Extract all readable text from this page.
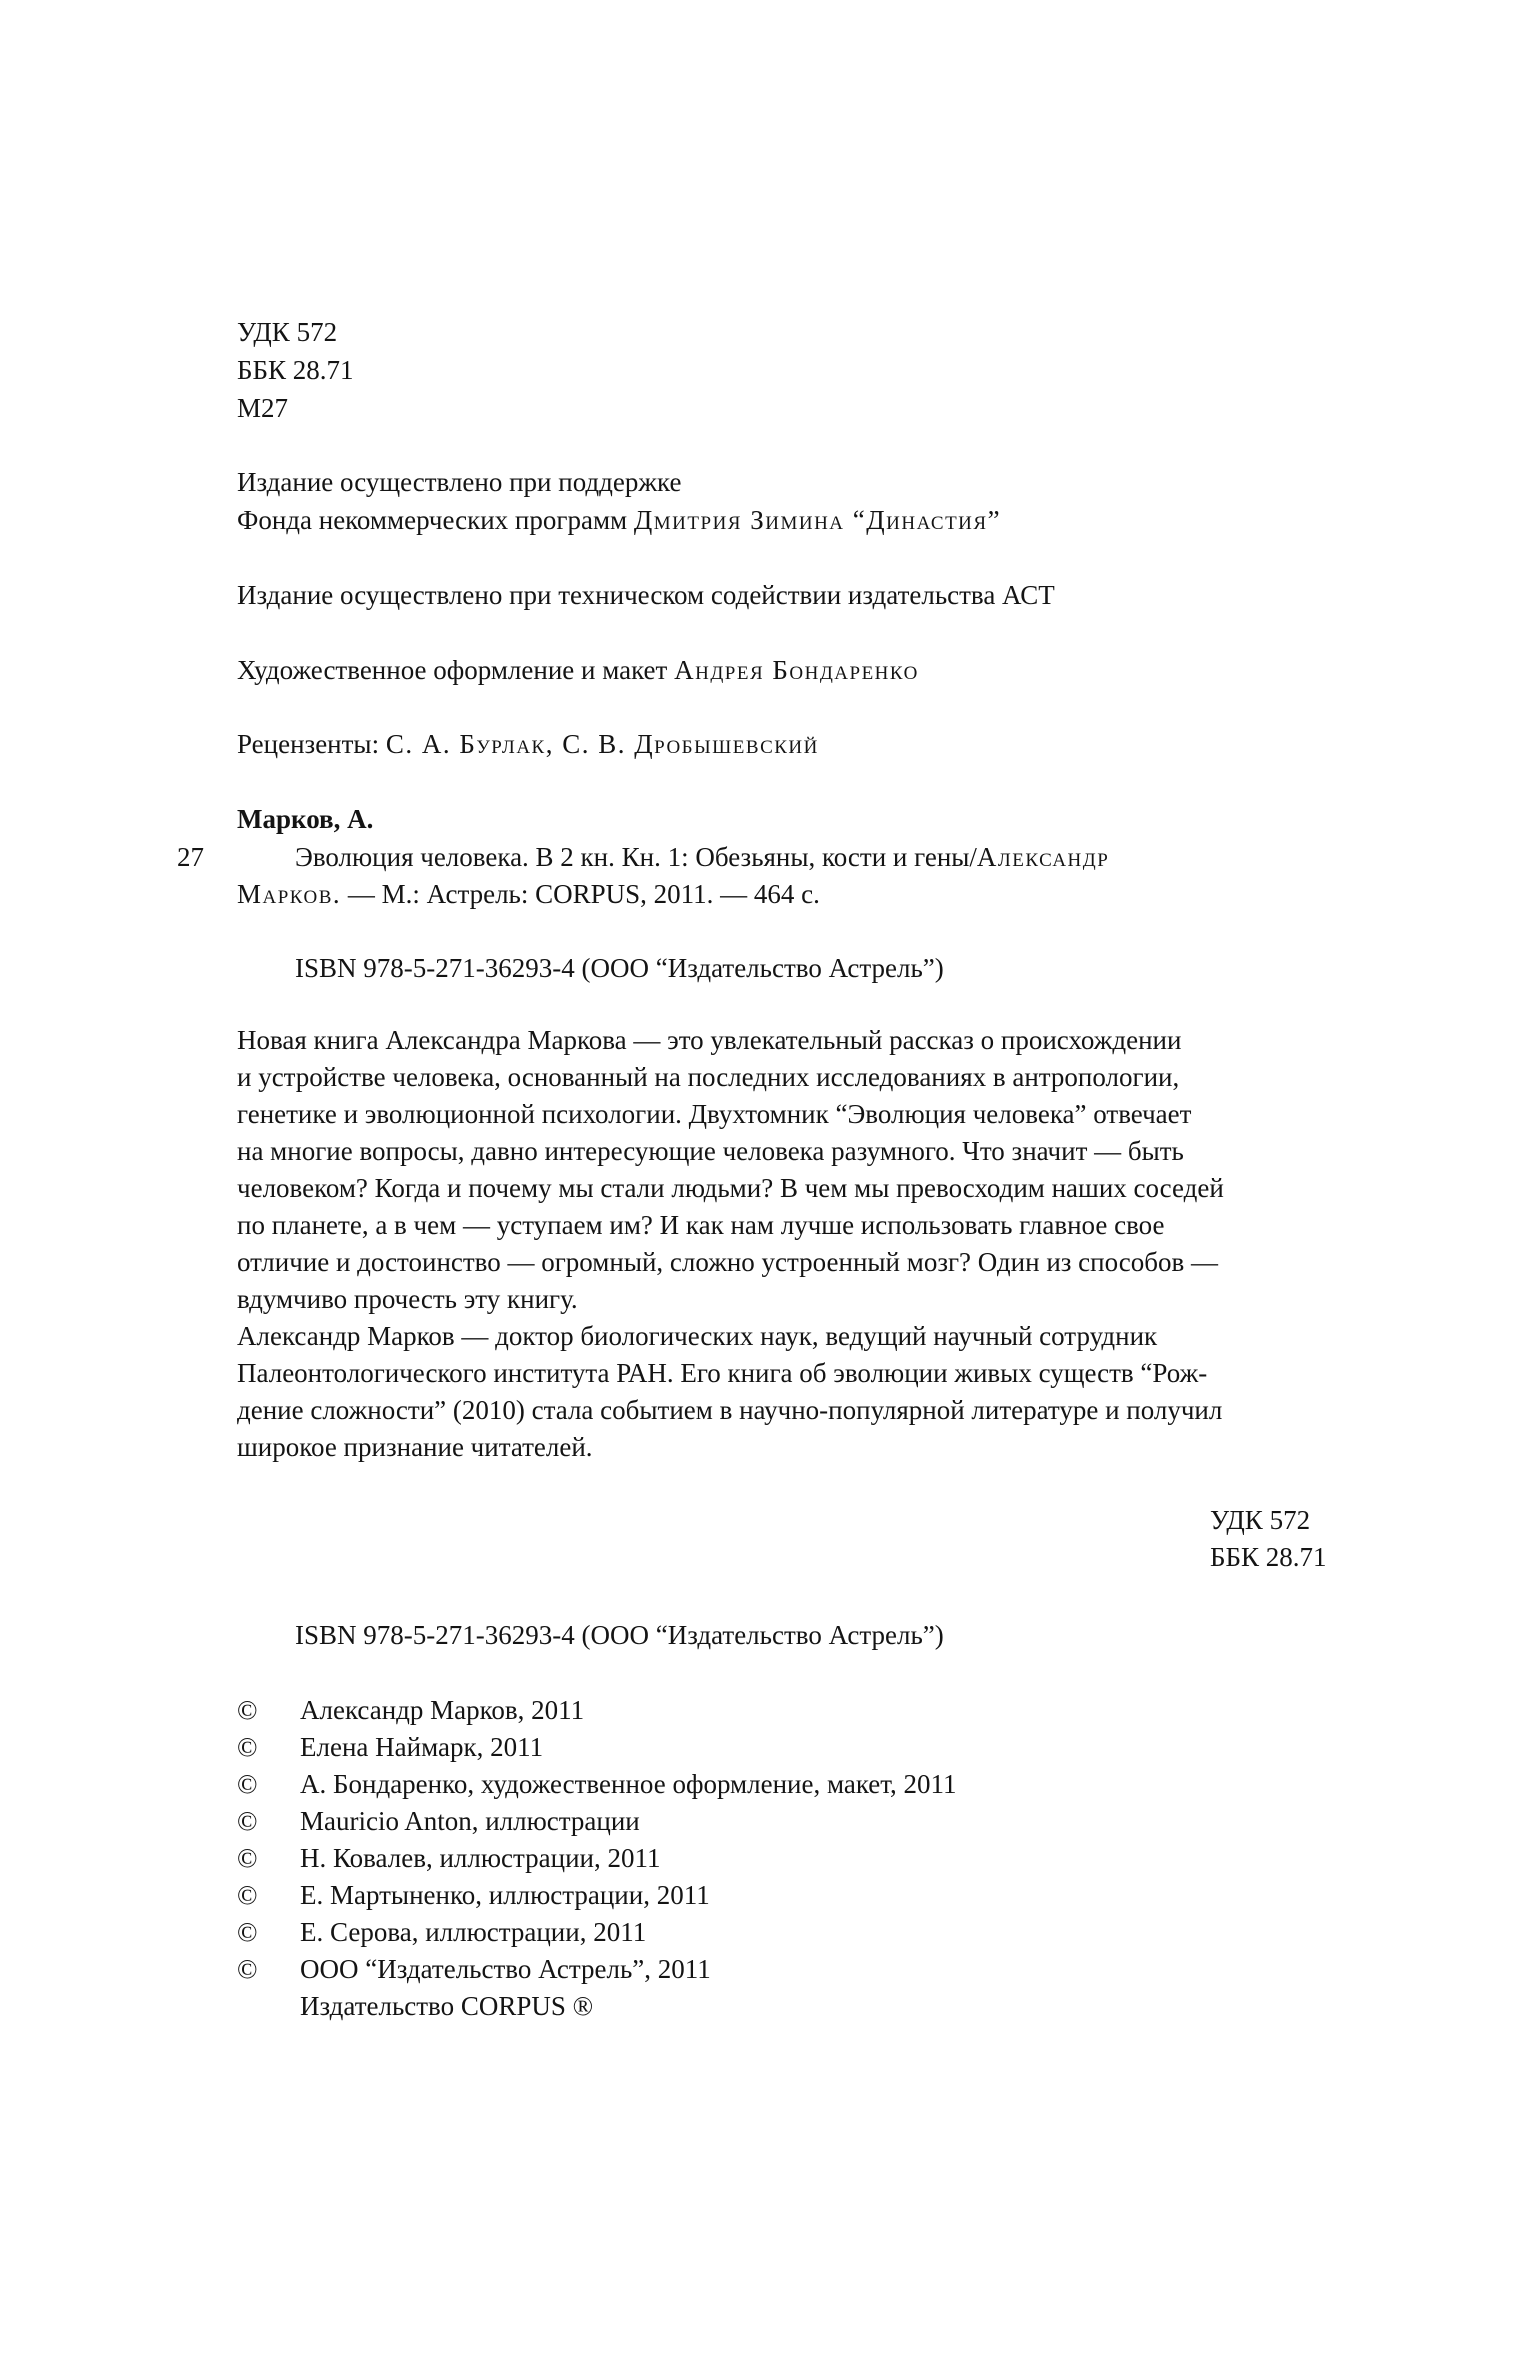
УДК 572
ББК 28.71
М27
Издание осуществлено при поддержке
Фонда некоммерческих программ Дмитрия Зимина “Династия”
Издание осуществлено при техническом содействии издательства АСТ
Художественное оформление и макет Андрея Бондаренко
Рецензенты: С. А. Бурлак, С. В. Дробышевский
Марков, А.
27	Эволюция человека. В 2 кн. Кн. 1: Обезьяны, кости и гены/Александр
Марков. — М.: Астрель: CORPUS, 2011. — 464 с.
ISBN 978-5-271-36293-4 (ООО “Издательство Астрель”)
Новая книга Александра Маркова — это увлекательный рассказ о происхождении
и устройстве человека, основанный на последних исследованиях в антропологии,
генетике и эволюционной психологии. Двухтомник “Эволюция человека” отвечает
на многие вопросы, давно интересующие человека разумного. Что значит — быть
человеком? Когда и почему мы стали людьми? В чем мы превосходим наших соседей
по планете, а в чем — уступаем им? И как нам лучше использовать главное свое
отличие и достоинство — огромный, сложно устроенный мозг? Один из способов —
вдумчиво прочесть эту книгу.
Александр Марков — доктор биологических наук, ведущий научный сотрудник
Палеонтологического института РАН. Его книга об эволюции живых существ “Рож-
дение сложности” (2010) стала событием в научно-популярной литературе и получил
широкое признание читателей.
УДК 572
ББК 28.71
ISBN 978-5-271-36293-4 (ООО “Издательство Астрель”)
©	Александр Марков, 2011
©	Елена Наймарк, 2011
©	А. Бондаренко, художественное оформление, макет, 2011
©	Mauricio Anton, иллюстрации
©	Н. Ковалев, иллюстрации, 2011
©	Е. Мартыненко, иллюстрации, 2011
©	Е. Серова, иллюстрации, 2011
©	ООО “Издательство Астрель”, 2011
Издательство CORPUS ®
